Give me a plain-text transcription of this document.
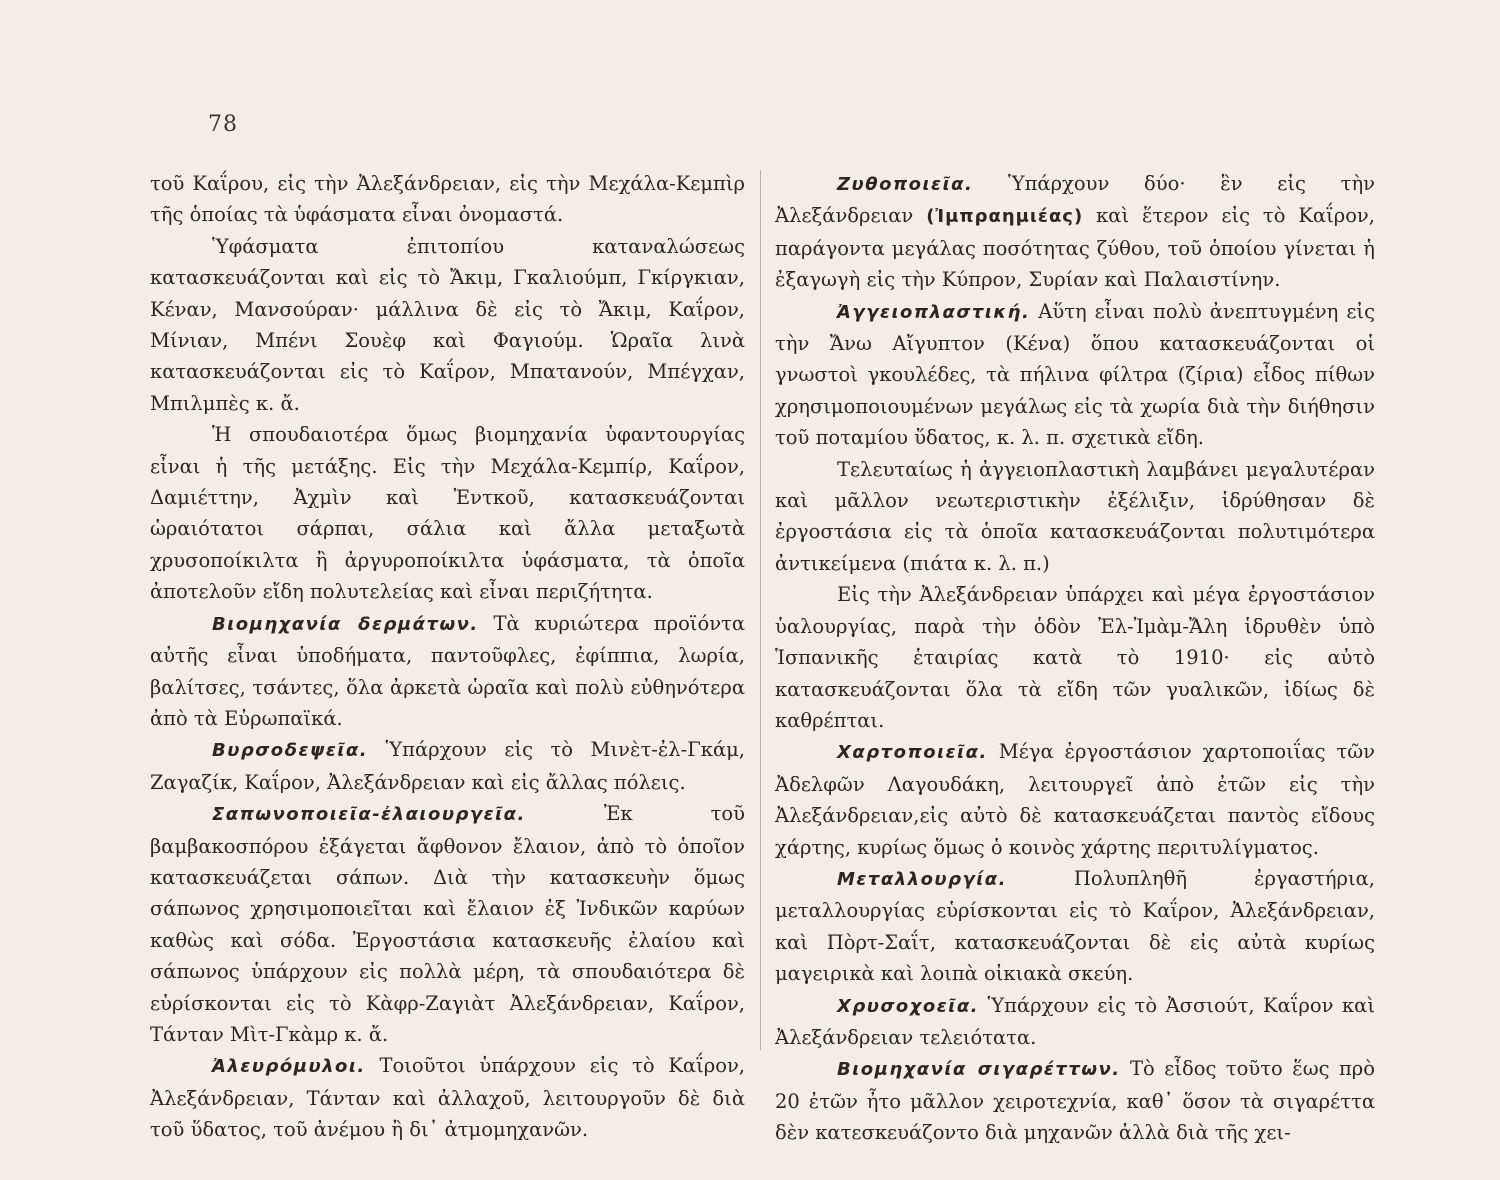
78

τοῦ Καΐρου, εἰς τὴν Ἀλεξάνδρειαν, εἰς τὴν Μεχάλα-Κεμπὶρ τῆς ὁποίας τὰ ὑφάσματα εἶναι ὀνομαστά.

Ὑφάσματα ἐπιτοπίου καταναλώσεως κατασκευάζονται καὶ εἰς τὸ Ἄκιμ, Γκαλιούμπ, Γκίργκιαν, Κέναν, Μανσούραν· μάλλινα δὲ εἰς τὸ Ἄκιμ, Καΐρον, Μίνιαν, Μπένι Σουὲφ καὶ Φαγιούμ. Ὡραῖα λινὰ κατασκευάζονται εἰς τὸ Καΐρον, Μπατανούν, Μπέγχαν, Μπιλμπὲς κ. ἄ.

Ἡ σπουδαιοτέρα ὅμως βιομηχανία ὑφαντουργίας εἶναι ἡ τῆς μετάξης. Εἰς τὴν Μεχάλα-Κεμπίρ, Καΐρον, Δαμιέττην, Ἀχμὶν καὶ Ἐντκοῦ, κατασκευάζονται ὡραιότατοι σάρπαι, σάλια καὶ ἄλλα μεταξωτὰ χρυσοποίκιλτα ἢ ἀργυροποίκιλτα ὑφάσματα, τὰ ὁποῖα ἀποτελοῦν εἴδη πολυτελείας καὶ εἶναι περιζήτητα.

Βιομηχανία δερμάτων. Τὰ κυριώτερα προϊόντα αὐτῆς εἶναι ὑποδήματα, παντοῦφλες, ἐφίππια, λωρία, βαλίτσες, τσάντες, ὅλα ἀρκετὰ ὡραῖα καὶ πολὺ εὐθηνότερα ἀπὸ τὰ Εὐρωπαϊκά.

Βυρσοδεψεῖα. Ὑπάρχουν εἰς τὸ Μινὲτ-ἐλ-Γκάμ, Ζαγαζίκ, Καΐρον, Ἀλεξάνδρειαν καὶ εἰς ἄλλας πόλεις.

Σαπωνοποιεῖα-ἐλαιουργεῖα. Ἐκ τοῦ βαμβακοσπόρου ἐξάγεται ἄφθονον ἔλαιον, ἀπὸ τὸ ὁποῖον κατασκευάζεται σάπων. Διὰ τὴν κατασκευὴν ὅμως σάπωνος χρησιμοποιεῖται καὶ ἔλαιον ἐξ Ἰνδικῶν καρύων καθὼς καὶ σόδα. Ἐργοστάσια κατασκευῆς ἐλαίου καὶ σάπωνος ὑπάρχουν εἰς πολλὰ μέρη, τὰ σπουδαιότερα δὲ εὑρίσκονται εἰς τὸ Κὰφρ-Ζαγιὰτ Ἀλεξάνδρειαν, Καΐρον, Τάνταν Μὶτ-Γκὰμρ κ. ἄ.

Ἀλευρόμυλοι. Τοιοῦτοι ὑπάρχουν εἰς τὸ Καΐρον, Ἀλεξάνδρειαν, Τάνταν καὶ ἀλλαχοῦ, λειτουργοῦν δὲ διὰ τοῦ ὕδατος, τοῦ ἀνέμου ἢ δι᾿ ἀτμομηχανῶν.

Ζυθοποιεῖα. Ὑπάρχουν δύο· ἓν εἰς τὴν Ἀλεξάνδρειαν (Ἰμπραημιέας) καὶ ἕτερον εἰς τὸ Καΐρον, παράγοντα μεγάλας ποσότητας ζύθου, τοῦ ὁποίου γίνεται ἡ ἐξαγωγὴ εἰς τὴν Κύπρον, Συρίαν καὶ Παλαιστίνην.

Ἀγγειοπλαστική. Αὕτη εἶναι πολὺ ἀνεπτυγμένη εἰς τὴν Ἄνω Αἴγυπτον (Κένα) ὅπου κατασκευάζονται οἱ γνωστοὶ γκουλέδες, τὰ πήλινα φίλτρα (ζίρια) εἶδος πίθων χρησιμοποιουμένων μεγάλως εἰς τὰ χωρία διὰ τὴν διήθησιν τοῦ ποταμίου ὕδατος, κ. λ. π. σχετικὰ εἴδη.

Τελευταίως ἡ ἀγγειοπλαστικὴ λαμβάνει μεγαλυτέραν καὶ μᾶλλον νεωτεριστικὴν ἐξέλιξιν, ἱδρύθησαν δὲ ἐργοστάσια εἰς τὰ ὁποῖα κατασκευάζονται πολυτιμότερα ἀντικείμενα (πιάτα κ. λ. π.)

Εἰς τὴν Ἀλεξάνδρειαν ὑπάρχει καὶ μέγα ἐργοστάσιον ὑαλουργίας, παρὰ τὴν ὁδὸν Ἐλ-Ἰμὰμ-Ἄλη ἱδρυθὲν ὑπὸ Ἱσπανικῆς ἑταιρίας κατὰ τὸ 1910· εἰς αὐτὸ κατασκευάζονται ὅλα τὰ εἴδη τῶν γυαλικῶν, ἰδίως δὲ καθρέπται.

Χαρτοποιεῖα. Μέγα ἐργοστάσιον χαρτοποιΐας τῶν Ἀδελφῶν Λαγουδάκη, λειτουργεῖ ἀπὸ ἐτῶν εἰς τὴν Ἀλεξάνδρειαν,εἰς αὐτὸ δὲ κατασκευάζεται παντὸς εἴδους χάρτης, κυρίως ὅμως ὁ κοινὸς χάρτης περιτυλίγματος.

Μεταλλουργία. Πολυπληθῆ ἐργαστήρια, μεταλλουργίας εὑρίσκονται εἰς τὸ Καΐρον, Ἀλεξάνδρειαν, καὶ Πὸρτ-Σαΐτ, κατασκευάζονται δὲ εἰς αὐτὰ κυρίως μαγειρικὰ καὶ λοιπὰ οἰκιακὰ σκεύη.

Χρυσοχοεῖα. Ὑπάρχουν εἰς τὸ Ἀσσιούτ, Καΐρον καὶ Ἀλεξάνδρειαν τελειότατα.

Βιομηχανία σιγαρέττων. Τὸ εἶδος τοῦτο ἕως πρὸ 20 ἐτῶν ἦτο μᾶλλον χειροτεχνία, καθ᾿ ὅσον τὰ σιγαρέττα δὲν κατεσκευάζοντο διὰ μηχανῶν ἀλλὰ διὰ τῆς χει-
